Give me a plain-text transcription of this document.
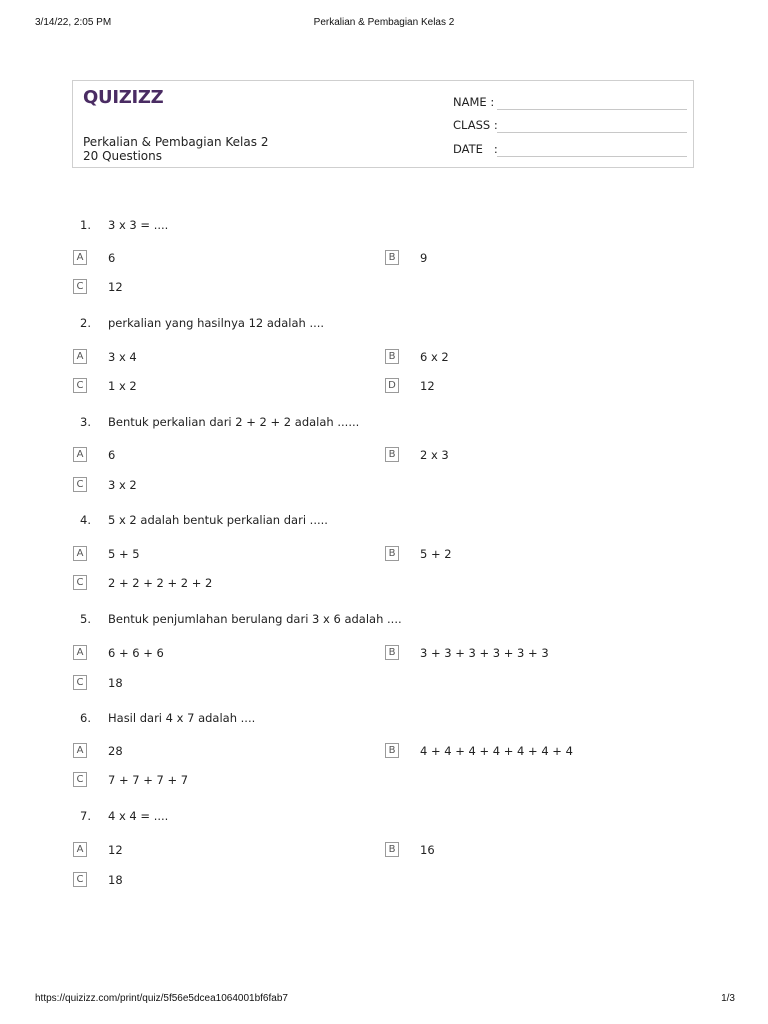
3/14/22, 2:05 PM	Perkalian & Pembagian Kelas 2
QUIZIZZ
Perkalian & Pembagian Kelas 2
20 Questions
NAME :
CLASS :
DATE   :
1. 3 x 3 = ....
A	6	B	9
C	12
2. perkalian yang hasilnya 12 adalah ....
A	3 x 4	B	6 x 2
C	1 x 2	D 12
3. Bentuk perkalian dari 2 + 2 + 2 adalah ......
A	6	B	2 x 3
C	3 x 2
4. 5 x 2 adalah bentuk perkalian dari .....
A	5 + 5	B	5 + 2
C	2 + 2 + 2 + 2 + 2
5. Bentuk penjumlahan berulang dari 3 x 6 adalah ....
A	6 + 6 + 6	B	3 + 3 + 3 + 3 + 3 + 3
C	18
6. Hasil dari 4 x 7 adalah ....
A	28	B	4 + 4 + 4 + 4 + 4 + 4 + 4
C	7 + 7 + 7 + 7
7. 4 x 4 = ....
A	12	B	16
C	18
https://quizizz.com/print/quiz/5f56e5dcea1064001bf6fab7	1/3
